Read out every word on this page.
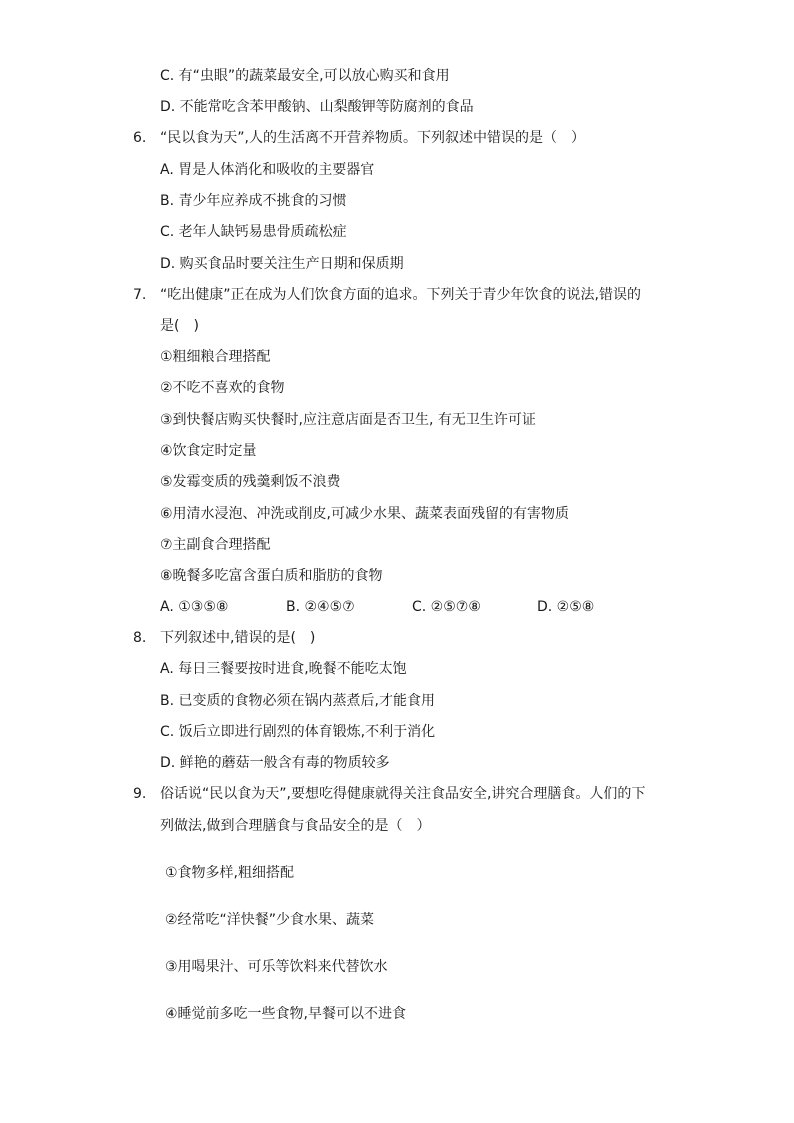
C. 有“虫眼”的蔬菜最安全,可以放心购买和食用
D. 不能常吃含苯甲酸钠、山梨酸钾等防腐剂的食品
6. “民以食为天”,人的生活离不开营养物质。下列叙述中错误的是（　）
A. 胃是人体消化和吸收的主要器官
B. 青少年应养成不挑食的习惯
C. 老年人缺钙易患骨质疏松症
D. 购买食品时要关注生产日期和保质期
7. “吃出健康”正在成为人们饮食方面的追求。下列关于青少年饮食的说法,错误的
是(　)
①粗细粮合理搭配
②不吃不喜欢的食物
③到快餐店购买快餐时,应注意店面是否卫生, 有无卫生许可证
④饮食定时定量
⑤发霉变质的残羹剩饭不浪费
⑥用清水浸泡、冲洗或削皮,可减少水果、蔬菜表面残留的有害物质
⑦主副食合理搭配
⑧晚餐多吃富含蛋白质和脂肪的食物
A. ①③⑤⑧	B. ②④⑤⑦	C. ②⑤⑦⑧	D. ②⑤⑧
8. 下列叙述中,错误的是(　)
A. 每日三餐要按时进食,晚餐不能吃太饱
B. 已变质的食物必须在锅内蒸煮后,才能食用
C. 饭后立即进行剧烈的体育锻炼,不利于消化
D. 鲜艳的蘑菇一般含有毒的物质较多
9. 俗话说“民以食为天”,要想吃得健康就得关注食品安全,讲究合理膳食。人们的下
列做法,做到合理膳食与食品安全的是（　）
①食物多样,粗细搭配
②经常吃“洋快餐”少食水果、蔬菜
③用喝果汁、可乐等饮料来代替饮水
④睡觉前多吃一些食物,早餐可以不进食
